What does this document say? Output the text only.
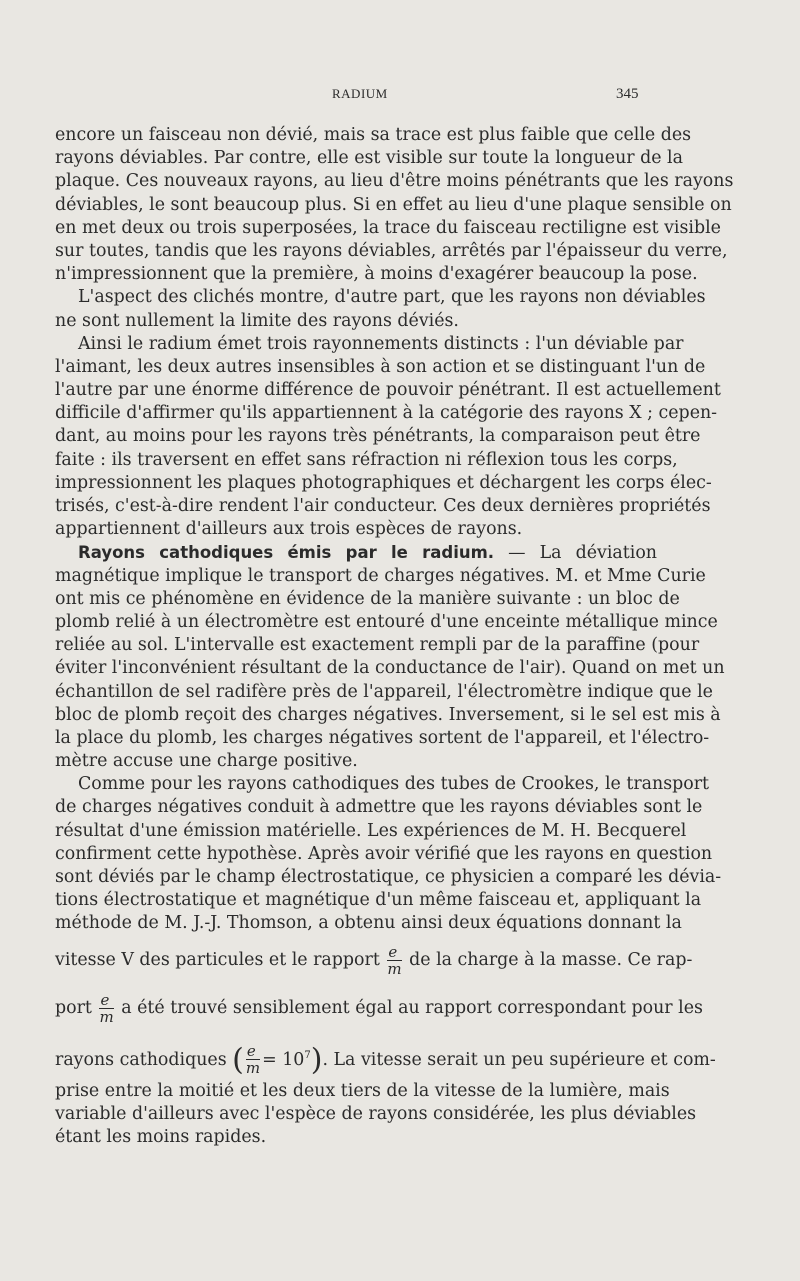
RADIUM	345
encore un faisceau non dévié, mais sa trace est plus faible que celle des
rayons déviables. Par contre, elle est visible sur toute la longueur de la
plaque. Ces nouveaux rayons, au lieu d'être moins pénétrants que les rayons
déviables, le sont beaucoup plus. Si en effet au lieu d'une plaque sensible on
en met deux ou trois superposées, la trace du faisceau rectiligne est visible
sur toutes, tandis que les rayons déviables, arrêtés par l'épaisseur du verre,
n'impressionnent que la première, à moins d'exagérer beaucoup la pose.
L'aspect des clichés montre, d'autre part, que les rayons non déviables
ne sont nullement la limite des rayons déviés.
Ainsi le radium émet trois rayonnements distincts : l'un déviable par
l'aimant, les deux autres insensibles à son action et se distinguant l'un de
l'autre par une énorme différence de pouvoir pénétrant. Il est actuellement
difficile d'affirmer qu'ils appartiennent à la catégorie des rayons X ; cepen-
dant, au moins pour les rayons très pénétrants, la comparaison peut être
faite : ils traversent en effet sans réfraction ni réflexion tous les corps,
impressionnent les plaques photographiques et déchargent les corps élec-
trisés, c'est-à-dire rendent l'air conducteur. Ces deux dernières propriétés
appartiennent d'ailleurs aux trois espèces de rayons.
Rayons cathodiques émis par le radium. — La déviation
magnétique implique le transport de charges négatives. M. et Mme Curie
ont mis ce phénomène en évidence de la manière suivante : un bloc de
plomb relié à un électromètre est entouré d'une enceinte métallique mince
reliée au sol. L'intervalle est exactement rempli par de la paraffine (pour
éviter l'inconvénient résultant de la conductance de l'air). Quand on met un
échantillon de sel radifère près de l'appareil, l'électromètre indique que le
bloc de plomb reçoit des charges négatives. Inversement, si le sel est mis à
la place du plomb, les charges négatives sortent de l'appareil, et l'électro-
mètre accuse une charge positive.
Comme pour les rayons cathodiques des tubes de Crookes, le transport
de charges négatives conduit à admettre que les rayons déviables sont le
résultat d'une émission matérielle. Les expériences de M. H. Becquerel
confirment cette hypothèse. Après avoir vérifié que les rayons en question
sont déviés par le champ électrostatique, ce physicien a comparé les dévia-
tions électrostatique et magnétique d'un même faisceau et, appliquant la
méthode de M. J.-J. Thomson, a obtenu ainsi deux équations donnant la
vitesse V des particules et le rapport $\frac{e}{m}$ de la charge à la masse. Ce rap-
port $\frac{e}{m}$ a été trouvé sensiblement égal au rapport correspondant pour les
rayons cathodiques ( $\frac{e}{m} = 10^7$). La vitesse serait un peu supérieure et com-
prise entre la moitié et les deux tiers de la vitesse de la lumière, mais
variable d'ailleurs avec l'espèce de rayons considérée, les plus déviables
étant les moins rapides.
